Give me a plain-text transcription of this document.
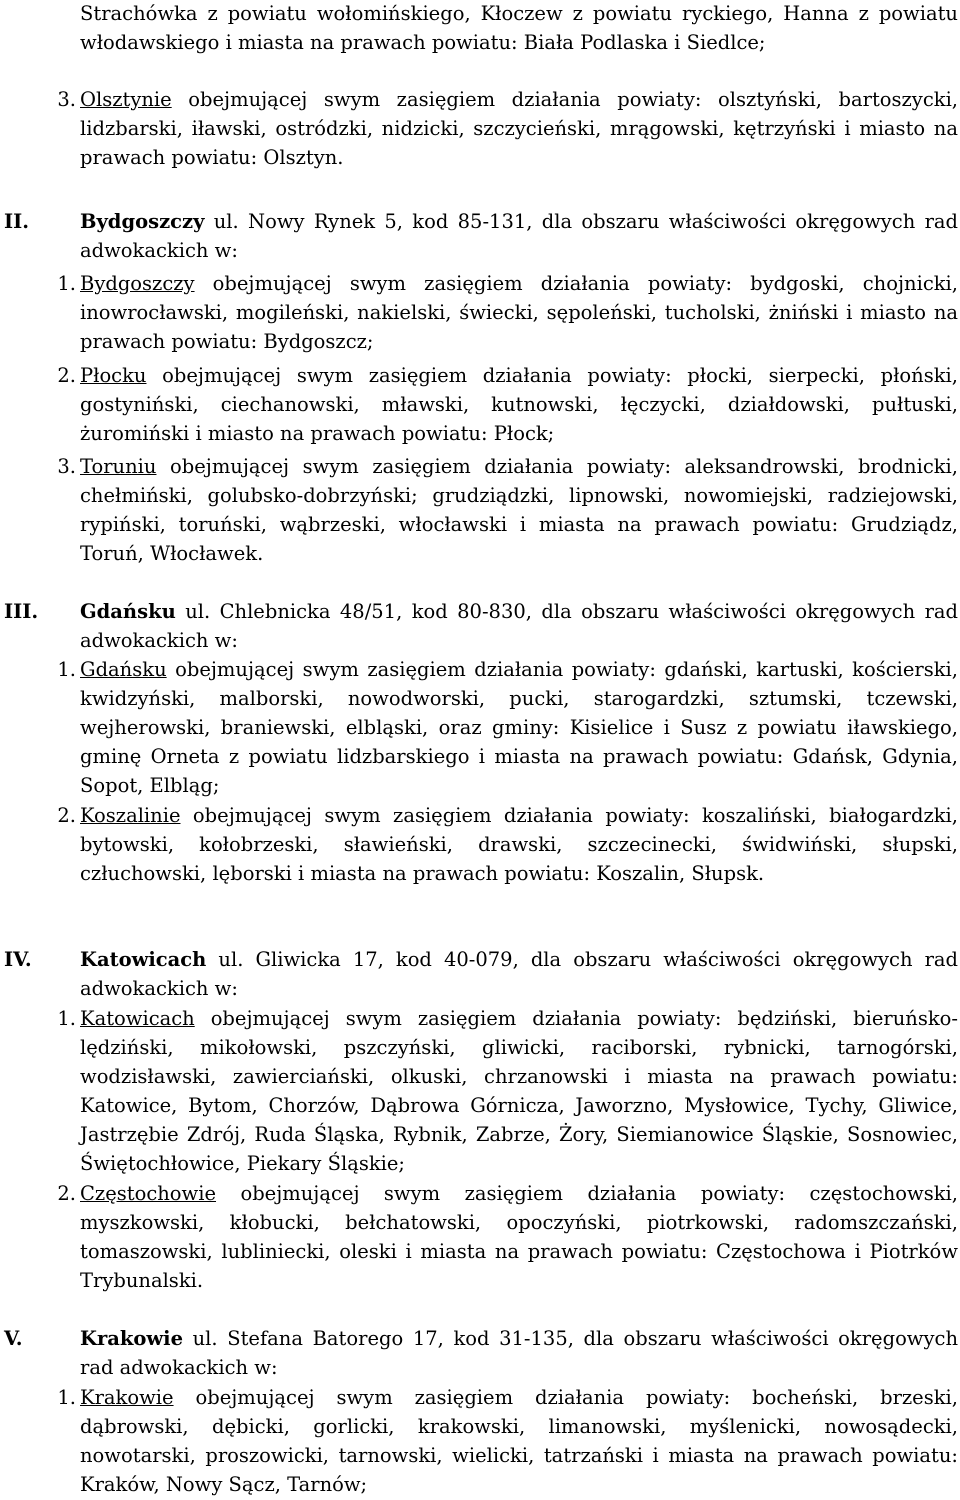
Strachówka z powiatu wołomińskiego, Kłoczew z powiatu ryckiego, Hanna z powiatu włodawskiego i miasta na prawach powiatu: Biała Podlaska i Siedlce;
3. Olsztynie obejmującej swym zasięgiem działania powiaty: olsztyński, bartoszycki, lidzbarski, iławski, ostródzki, nidzicki, szczycieński, mrągowski, kętrzyński i miasto na prawach powiatu: Olsztyn.
II.	Bydgoszczy ul. Nowy Rynek 5, kod 85-131, dla obszaru właściwości okręgowych rad adwokackich w:
1. Bydgoszczy obejmującej swym zasięgiem działania powiaty: bydgoski, chojnicki, inowrocławski, mogileński, nakielski, świecki, sępoleński, tucholski, żniński i miasto na prawach powiatu: Bydgoszcz;
2. Płocku obejmującej swym zasięgiem działania powiaty: płocki, sierpecki, płoński, gostyniński, ciechanowski, mławski, kutnowski, łęczycki, działdowski, pułtuski, żuromiński i miasto na prawach powiatu: Płock;
3. Toruniu obejmującej swym zasięgiem działania powiaty: aleksandrowski, brodnicki, chełmiński, golubsko-dobrzyński; grudziądzki, lipnowski, nowomiejski, radziejowski, rypiński, toruński, wąbrzeski, włocławski i miasta na prawach powiatu: Grudziądz, Toruń, Włocławek.
III. Gdańsku ul. Chlebnicka 48/51, kod 80-830, dla obszaru właściwości okręgowych rad adwokackich w:
1. Gdańsku obejmującej swym zasięgiem działania powiaty: gdański, kartuski, kościerski, kwidzyński, malborski, nowodworski, pucki, starogardzki, sztumski, tczewski, wejherowski, braniewski, elbląski, oraz gminy: Kisielice i Susz z powiatu iławskiego, gminę Orneta z powiatu lidzbarskiego i miasta na prawach powiatu: Gdańsk, Gdynia, Sopot, Elbląg;
2. Koszalinie obejmującej swym zasięgiem działania powiaty: koszaliński, białogardzki, bytowski, kołobrzeski, sławieński, drawski, szczecinecki, świdwiński, słupski, człuchowski, lęborski i miasta na prawach powiatu: Koszalin, Słupsk.
IV. Katowicach ul. Gliwicka 17, kod 40-079, dla obszaru właściwości okręgowych rad adwokackich w:
1. Katowicach obejmującej swym zasięgiem działania powiaty: będziński, bieruńsko-lędziński, mikołowski, pszczyński, gliwicki, raciborski, rybnicki, tarnogórski, wodzisławski, zawierciański, olkuski, chrzanowski i miasta na prawach powiatu: Katowice, Bytom, Chorzów, Dąbrowa Górnicza, Jaworzno, Mysłowice, Tychy, Gliwice, Jastrzębie Zdrój, Ruda Śląska, Rybnik, Zabrze, Żory, Siemianowice Śląskie, Sosnowiec, Świętochłowice, Piekary Śląskie;
2. Częstochowie obejmującej swym zasięgiem działania powiaty: częstochowski, myszkowski, kłobucki, bełchatowski, opoczyński, piotrkowski, radomszczański, tomaszowski, lubliniecki, oleski i miasta na prawach powiatu: Częstochowa i Piotrków Trybunalski.
V.	Krakowie ul. Stefana Batorego 17, kod 31-135, dla obszaru właściwości okręgowych rad adwokackich w:
1. Krakowie obejmującej swym zasięgiem działania powiaty: bocheński, brzeski, dąbrowski, dębicki, gorlicki, krakowski, limanowski, myślenicki, nowosądecki, nowotarski, proszowicki, tarnowski, wielicki, tatrzański i miasta na prawach powiatu: Kraków, Nowy Sącz, Tarnów;
